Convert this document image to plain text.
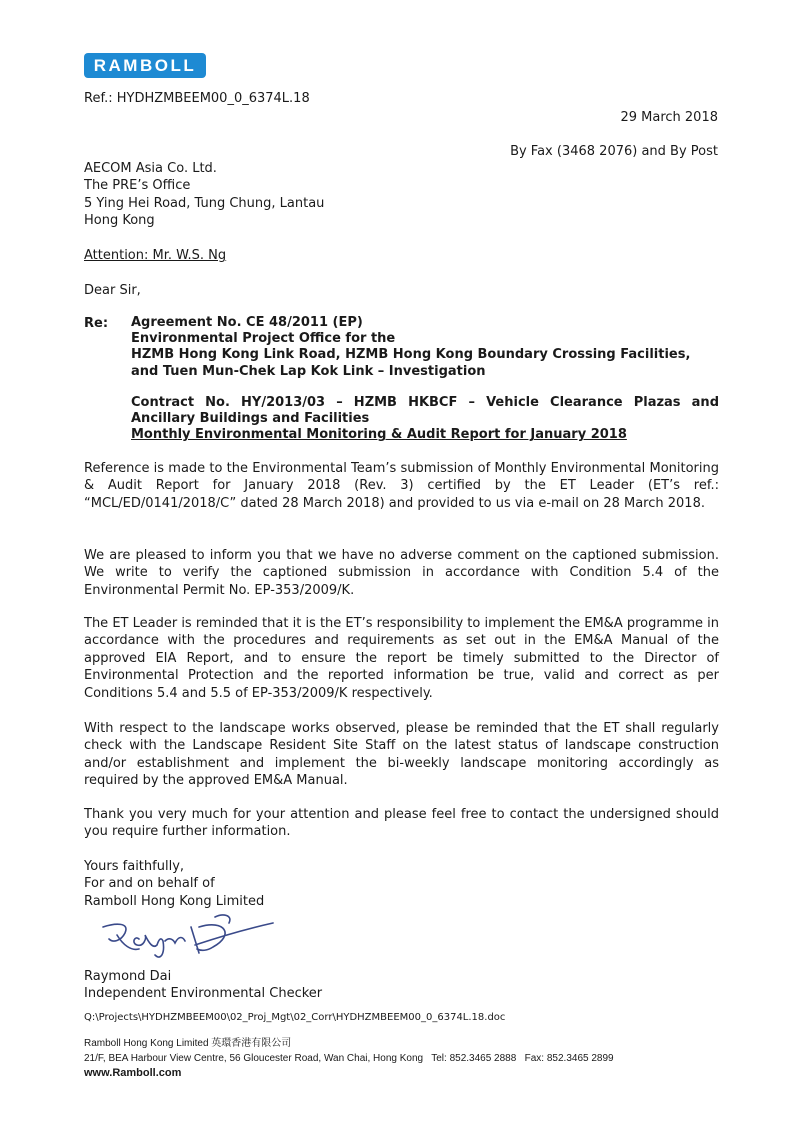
RAMBOLL
Ref.: HYDHZMBEEM00_0_6374L.18
29 March 2018
By Fax (3468 2076) and By Post
AECOM Asia Co. Ltd.
The PRE’s Office
5 Ying Hei Road, Tung Chung, Lantau
Hong Kong
Attention: Mr. W.S. Ng
Dear Sir,
Re: Agreement No. CE 48/2011 (EP)
Environmental Project Office for the
HZMB Hong Kong Link Road, HZMB Hong Kong Boundary Crossing Facilities,
and Tuen Mun-Chek Lap Kok Link – Investigation
Contract No. HY/2013/03 – HZMB HKBCF – Vehicle Clearance Plazas and
Ancillary Buildings and Facilities
Monthly Environmental Monitoring & Audit Report for January 2018
Reference is made to the Environmental Team’s submission of Monthly Environmental Monitoring & Audit Report for January 2018 (Rev. 3) certified by the ET Leader (ET’s ref.: “MCL/ED/0141/2018/C” dated 28 March 2018) and provided to us via e-mail on 28 March 2018.
We are pleased to inform you that we have no adverse comment on the captioned submission. We write to verify the captioned submission in accordance with Condition 5.4 of the Environmental Permit No. EP-353/2009/K.
The ET Leader is reminded that it is the ET’s responsibility to implement the EM&A programme in accordance with the procedures and requirements as set out in the EM&A Manual of the approved EIA Report, and to ensure the report be timely submitted to the Director of Environmental Protection and the reported information be true, valid and correct as per Conditions 5.4 and 5.5 of EP-353/2009/K respectively.
With respect to the landscape works observed, please be reminded that the ET shall regularly check with the Landscape Resident Site Staff on the latest status of landscape construction and/or establishment and implement the bi-weekly landscape monitoring accordingly as required by the approved EM&A Manual.
Thank you very much for your attention and please feel free to contact the undersigned should you require further information.
Yours faithfully,
For and on behalf of
Ramboll Hong Kong Limited
Raymond Dai
Independent Environmental Checker
Q:\Projects\HYDHZMBEEM00\02_Proj_Mgt\02_Corr\HYDHZMBEEM00_0_6374L.18.doc
Ramboll Hong Kong Limited 英環香港有限公司
21/F, BEA Harbour View Centre, 56 Gloucester Road, Wan Chai, Hong Kong   Tel: 852.3465 2888   Fax: 852.3465 2899
www.Ramboll.com
